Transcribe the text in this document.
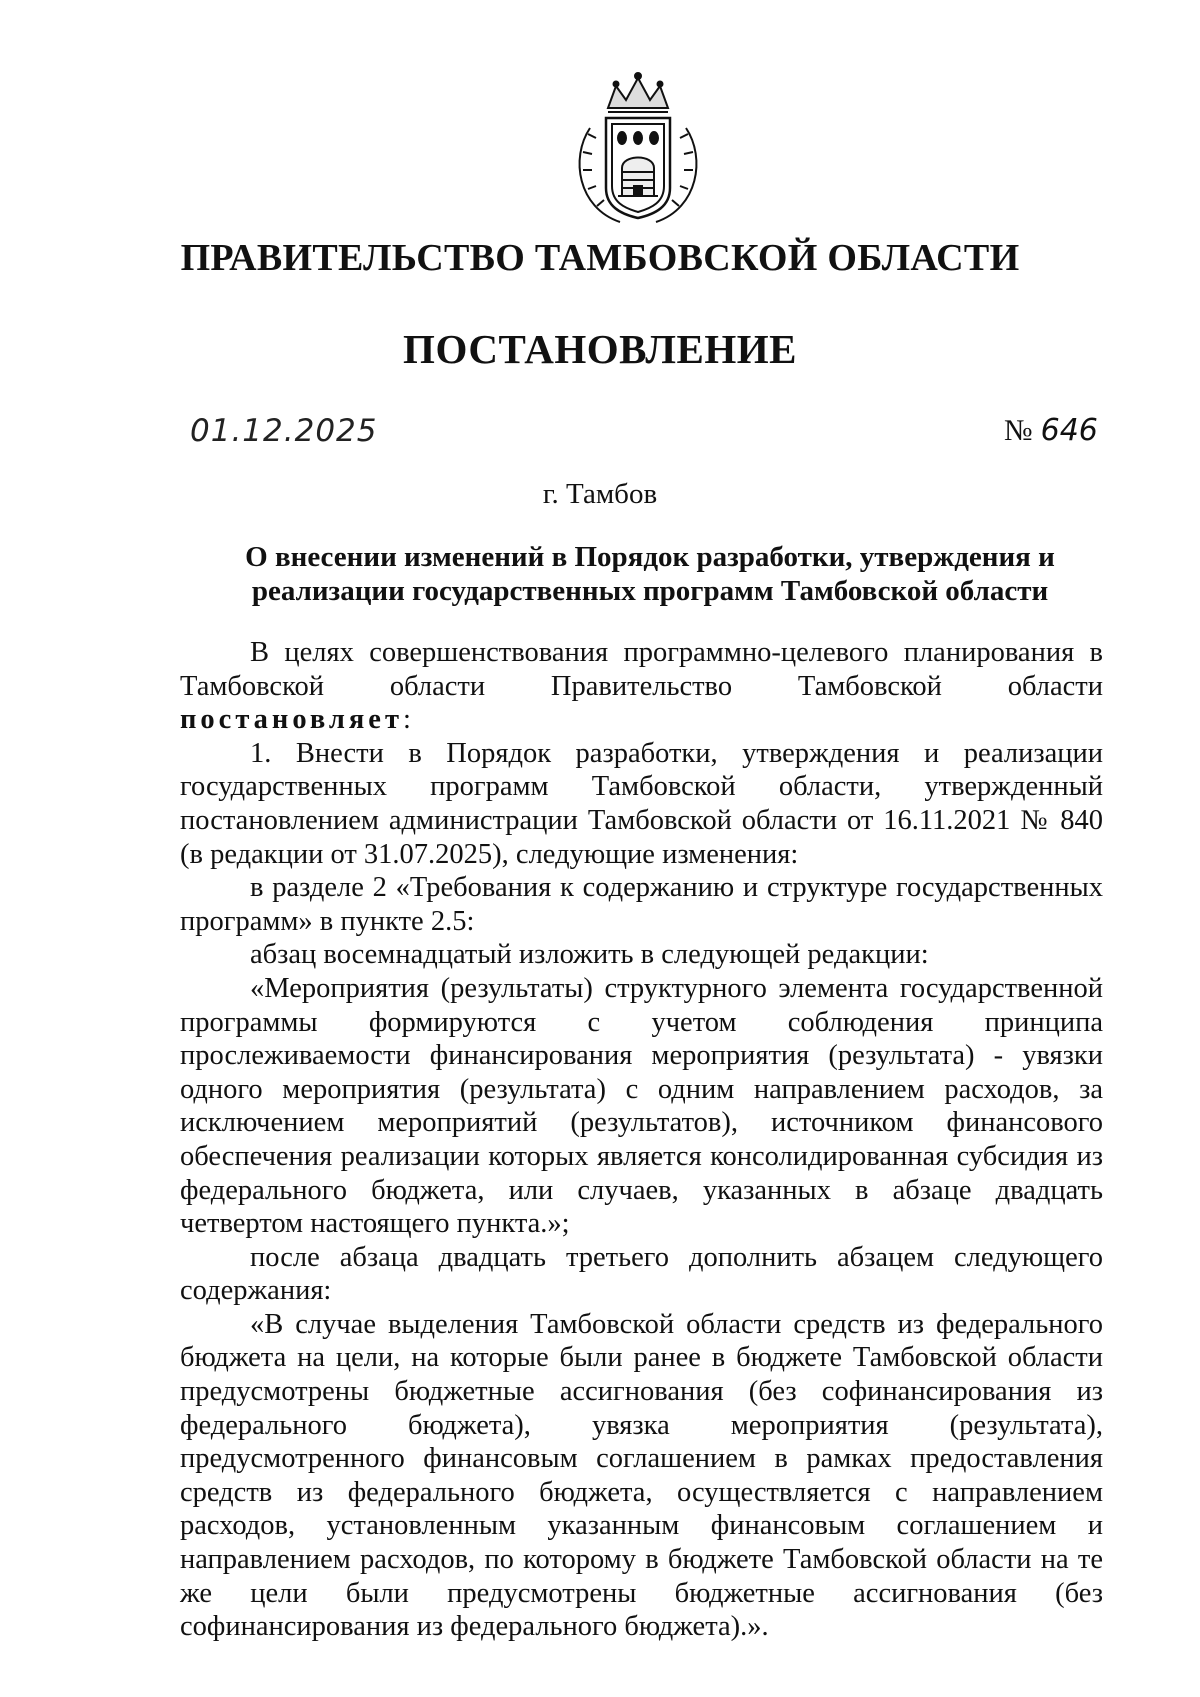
ПРАВИТЕЛЬСТВО ТАМБОВСКОЙ ОБЛАСТИ
ПОСТАНОВЛЕНИЕ
01.12.2025	№ 646
г. Тамбов
О внесении изменений в Порядок разработки, утверждения и реализации государственных программ Тамбовской области

В целях совершенствования программно-целевого планирования в Тамбовской области Правительство Тамбовской области постановляет:

1. Внести в Порядок разработки, утверждения и реализации государственных программ Тамбовской области, утвержденный постановлением администрации Тамбовской области от 16.11.2021 № 840 (в редакции от 31.07.2025), следующие изменения:

в разделе 2 «Требования к содержанию и структуре государственных программ» в пункте 2.5:

абзац восемнадцатый изложить в следующей редакции:

«Мероприятия (результаты) структурного элемента государственной программы формируются с учетом соблюдения принципа прослеживаемости финансирования мероприятия (результата) - увязки одного мероприятия (результата) с одним направлением расходов, за исключением мероприятий (результатов), источником финансового обеспечения реализации которых является консолидированная субсидия из федерального бюджета, или случаев, указанных в абзаце двадцать четвертом настоящего пункта.»;

после абзаца двадцать третьего дополнить абзацем следующего содержания:

«В случае выделения Тамбовской области средств из федерального бюджета на цели, на которые были ранее в бюджете Тамбовской области предусмотрены бюджетные ассигнования (без софинансирования из федерального бюджета), увязка мероприятия (результата), предусмотренного финансовым соглашением в рамках предоставления средств из федерального бюджета, осуществляется с направлением расходов, установленным указанным финансовым соглашением и направлением расходов, по которому в бюджете Тамбовской области на те же цели были предусмотрены бюджетные ассигнования (без софинансирования из федерального бюджета).».
